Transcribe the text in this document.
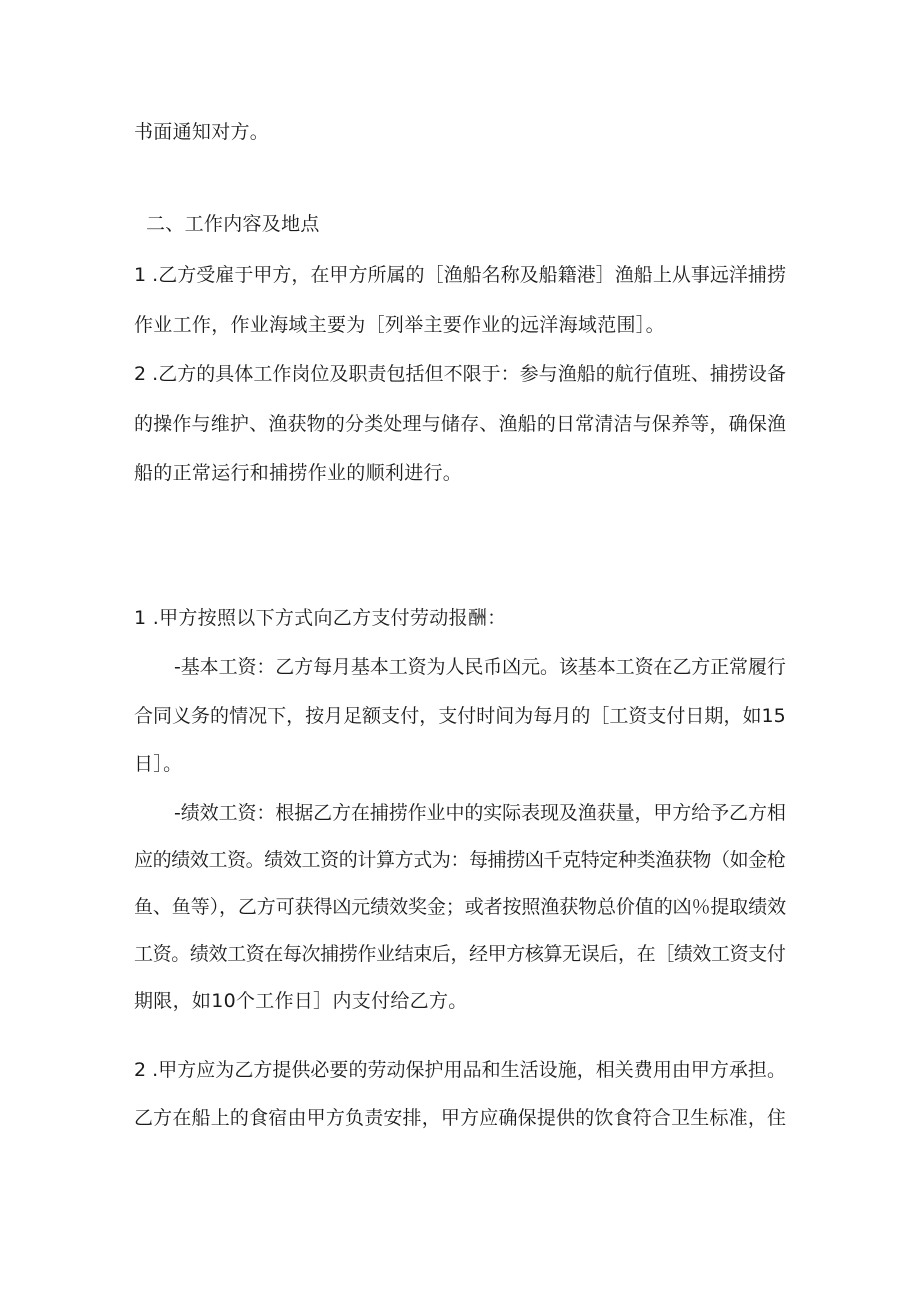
书面通知对方。
二、工作内容及地点
1 .乙方受雇于甲方，在甲方所属的［渔船名称及船籍港］渔船上从事远洋捕捞
作业工作，作业海域主要为［列举主要作业的远洋海域范围］。
2 .乙方的具体工作岗位及职责包括但不限于：参与渔船的航行值班、捕捞设备
的操作与维护、渔获物的分类处理与储存、渔船的日常清洁与保养等，确保渔
船的正常运行和捕捞作业的顺利进行。
1 .甲方按照以下方式向乙方支付劳动报酬：
-基本工资：乙方每月基本工资为人民币凶元。该基本工资在乙方正常履行
合同义务的情况下，按月足额支付，支付时间为每月的［工资支付日期，如15
日］。
-绩效工资：根据乙方在捕捞作业中的实际表现及渔获量，甲方给予乙方相
应的绩效工资。绩效工资的计算方式为：每捕捞凶千克特定种类渔获物（如金枪
鱼、鱼等），乙方可获得凶元绩效奖金；或者按照渔获物总价值的凶％提取绩效
工资。绩效工资在每次捕捞作业结束后，经甲方核算无误后，在［绩效工资支付
期限，如10个工作日］内支付给乙方。
2 .甲方应为乙方提供必要的劳动保护用品和生活设施，相关费用由甲方承担。
乙方在船上的食宿由甲方负责安排，甲方应确保提供的饮食符合卫生标准，住
